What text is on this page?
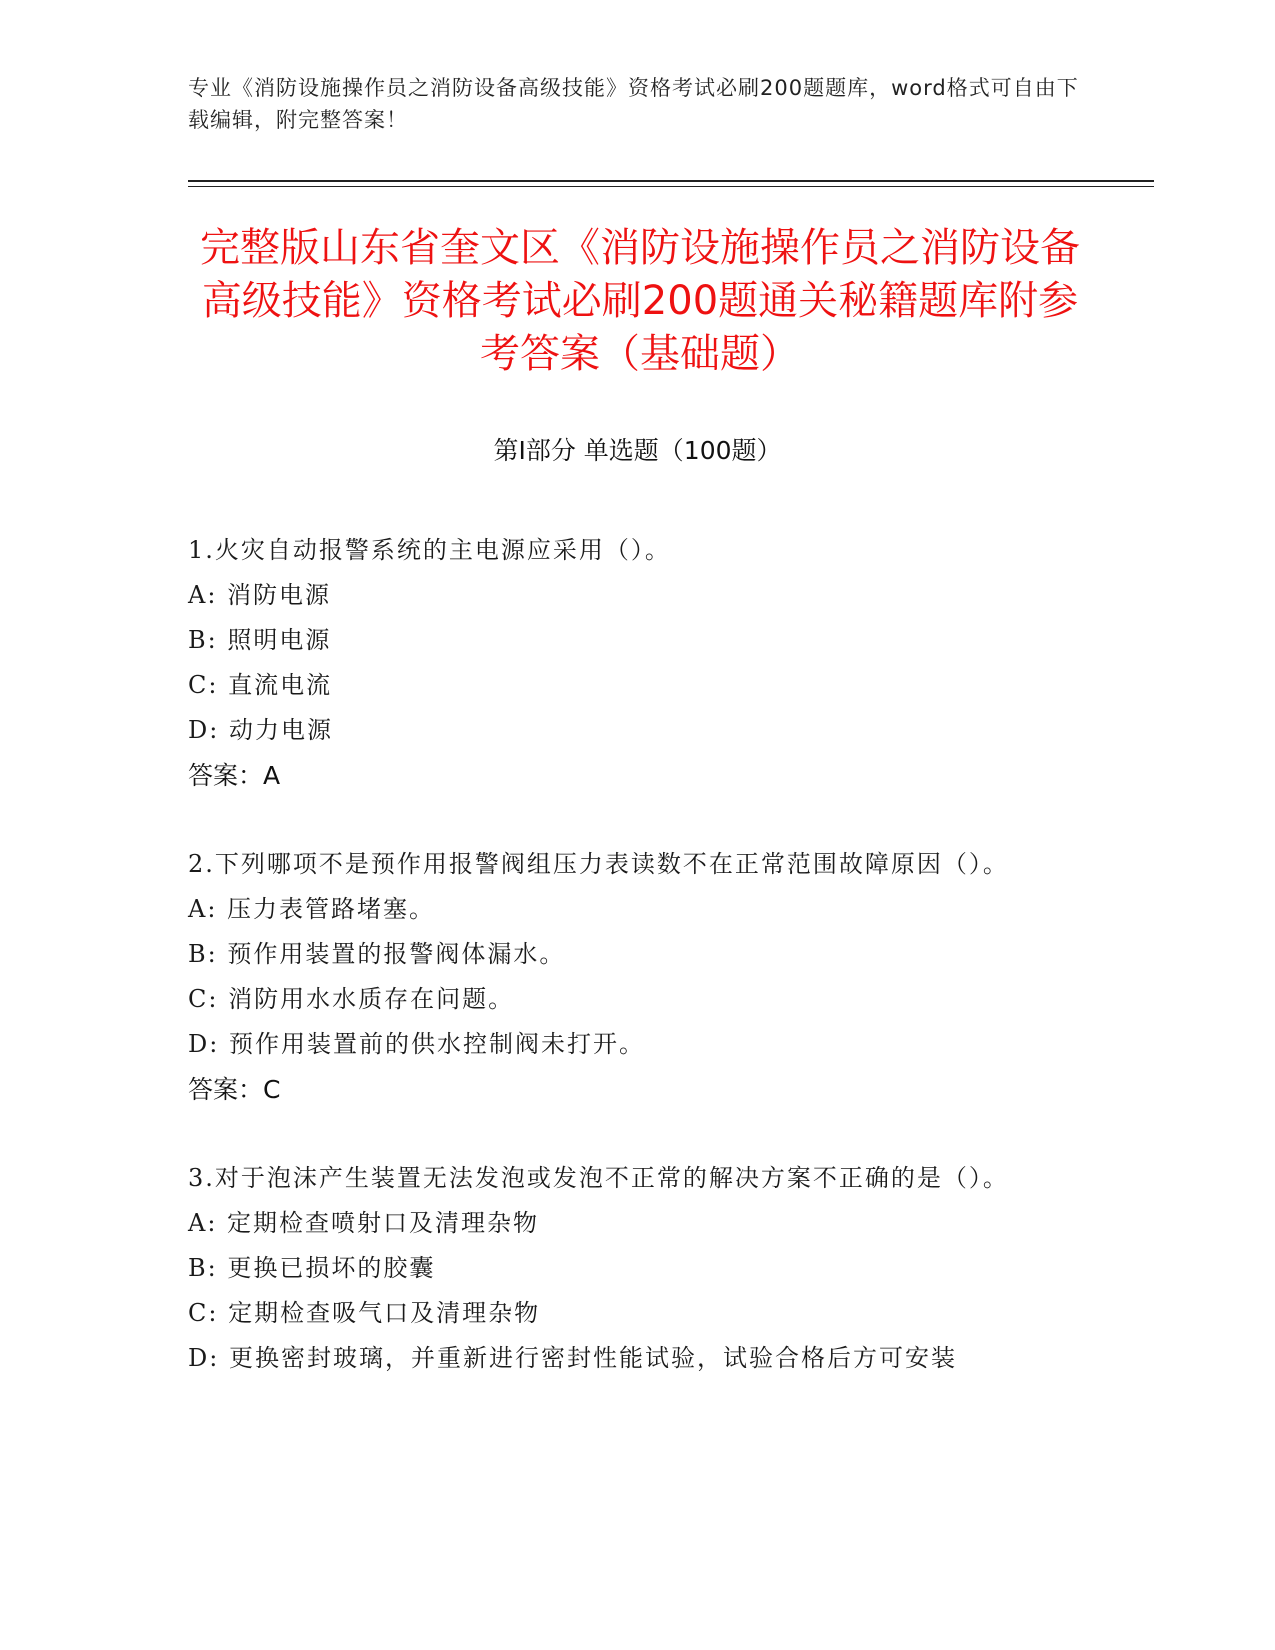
专业《消防设施操作员之消防设备高级技能》资格考试必刷200题题库，word格式可自由下载编辑，附完整答案！
完整版山东省奎文区《消防设施操作员之消防设备高级技能》资格考试必刷200题通关秘籍题库附参考答案（基础题）
第Ⅰ部分 单选题（100题）
1.火灾自动报警系统的主电源应采用（）。
A: 消防电源
B: 照明电源
C: 直流电流
D: 动力电源
答案：A
2.下列哪项不是预作用报警阀组压力表读数不在正常范围故障原因（）。
A: 压力表管路堵塞。
B: 预作用装置的报警阀体漏水。
C: 消防用水水质存在问题。
D: 预作用装置前的供水控制阀未打开。
答案：C
3.对于泡沫产生装置无法发泡或发泡不正常的解决方案不正确的是（）。
A: 定期检查喷射口及清理杂物
B: 更换已损坏的胶囊
C: 定期检查吸气口及清理杂物
D: 更换密封玻璃，并重新进行密封性能试验，试验合格后方可安装
